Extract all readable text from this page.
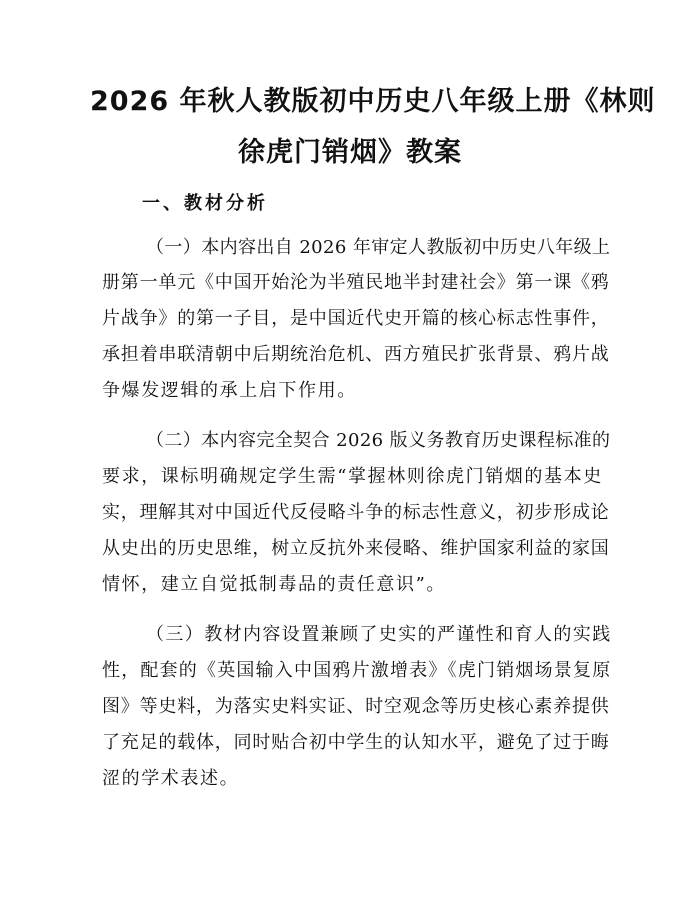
2026 年秋人教版初中历史八年级上册《林则
徐虎门销烟》教案
一、教材分析

（一）本内容出自 2026 年审定人教版初中历史八年级上

册第一单元《中国开始沦为半殖民地半封建社会》第一课《鸦

片战争》的第一子目，是中国近代史开篇的核心标志性事件，

承担着串联清朝中后期统治危机、西方殖民扩张背景、鸦片战

争爆发逻辑的承上启下作用。

（二）本内容完全契合 2026 版义务教育历史课程标准的

要求，课标明确规定学生需“掌握林则徐虎门销烟的基本史

实，理解其对中国近代反侵略斗争的标志性意义，初步形成论

从史出的历史思维，树立反抗外来侵略、维护国家利益的家国

情怀，建立自觉抵制毒品的责任意识”。

（三）教材内容设置兼顾了史实的严谨性和育人的实践

性，配套的《英国输入中国鸦片激增表》《虎门销烟场景复原

图》等史料，为落实史料实证、时空观念等历史核心素养提供

了充足的载体，同时贴合初中学生的认知水平，避免了过于晦

涩的学术表述。
